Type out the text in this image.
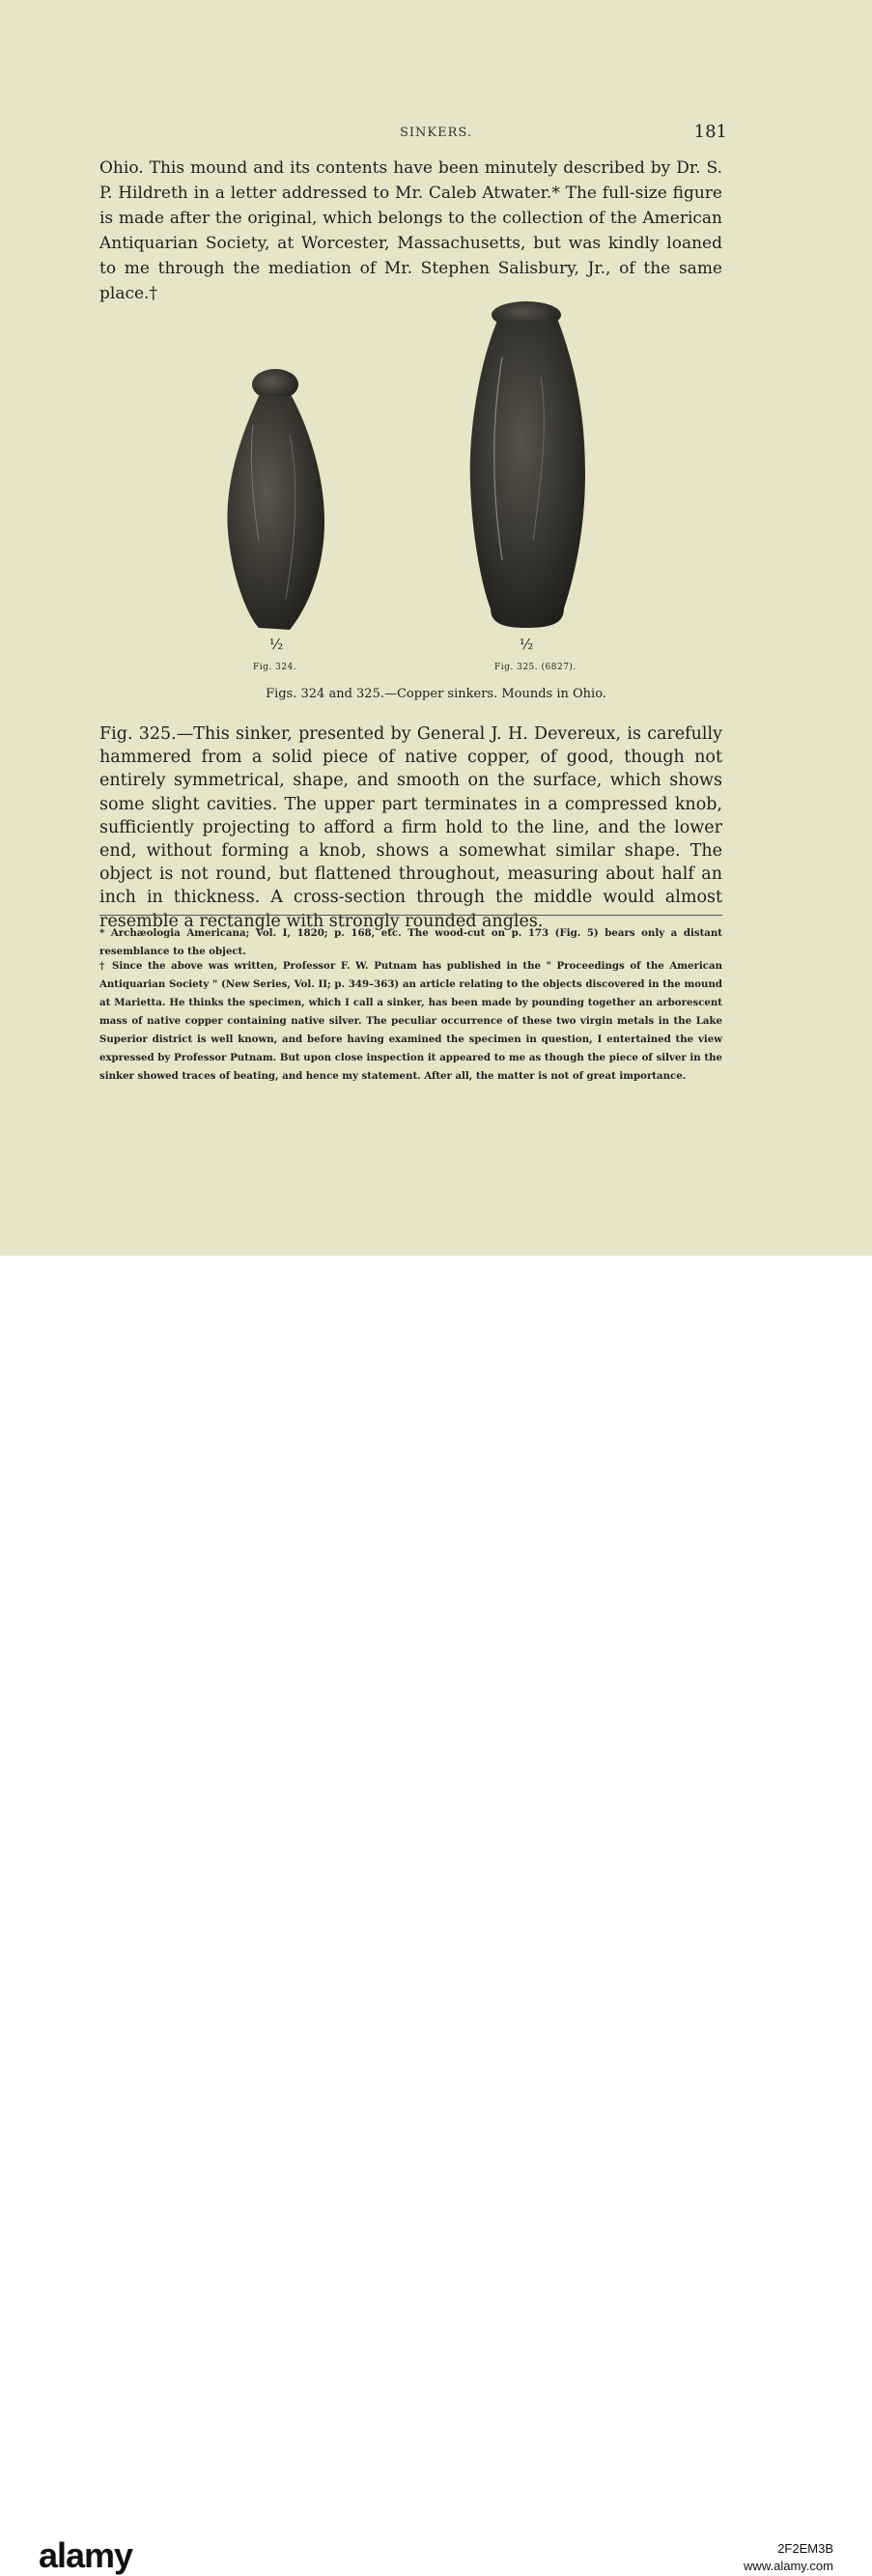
SINKERS.	181

Ohio. This mound and its contents have been minutely described by Dr. S. P. Hildreth in a letter addressed to Mr. Caleb Atwater.* The full-size figure is made after the original, which belongs to the collection of the American Antiquarian Society, at Worcester, Massachusetts, but was kindly loaned to me through the mediation of Mr. Stephen Salisbury, Jr., of the same place.†

½	½
Fig. 324.	Fig. 325. (6827).
Figs. 324 and 325.—Copper sinkers. Mounds in Ohio.

Fig. 325.—This sinker, presented by General J. H. Devereux, is carefully hammered from a solid piece of native copper, of good, though not entirely symmetrical, shape, and smooth on the surface, which shows some slight cavities. The upper part terminates in a compressed knob, sufficiently projecting to afford a firm hold to the line, and the lower end, without forming a knob, shows a somewhat similar shape. The object is not round, but flattened throughout, measuring about half an inch in thickness. A cross-section through the middle would almost resemble a rectangle with strongly rounded angles.

* Archæologia Americana; Vol. I, 1820; p. 168, etc. The wood-cut on p. 173 (Fig. 5) bears only a distant resemblance to the object.

† Since the above was written, Professor F. W. Putnam has published in the " Proceedings of the American Antiquarian Society " (New Series, Vol. II; p. 349–363) an article relating to the objects discovered in the mound at Marietta. He thinks the specimen, which I call a sinker, has been made by pounding together an arborescent mass of native copper containing native silver. The peculiar occurrence of these two virgin metals in the Lake Superior district is well known, and before having examined the specimen in question, I entertained the view expressed by Professor Putnam. But upon close inspection it appeared to me as though the piece of silver in the sinker showed traces of beating, and hence my statement. After all, the matter is not of great importance.

alamy	2F2EM3B
www.alamy.com
